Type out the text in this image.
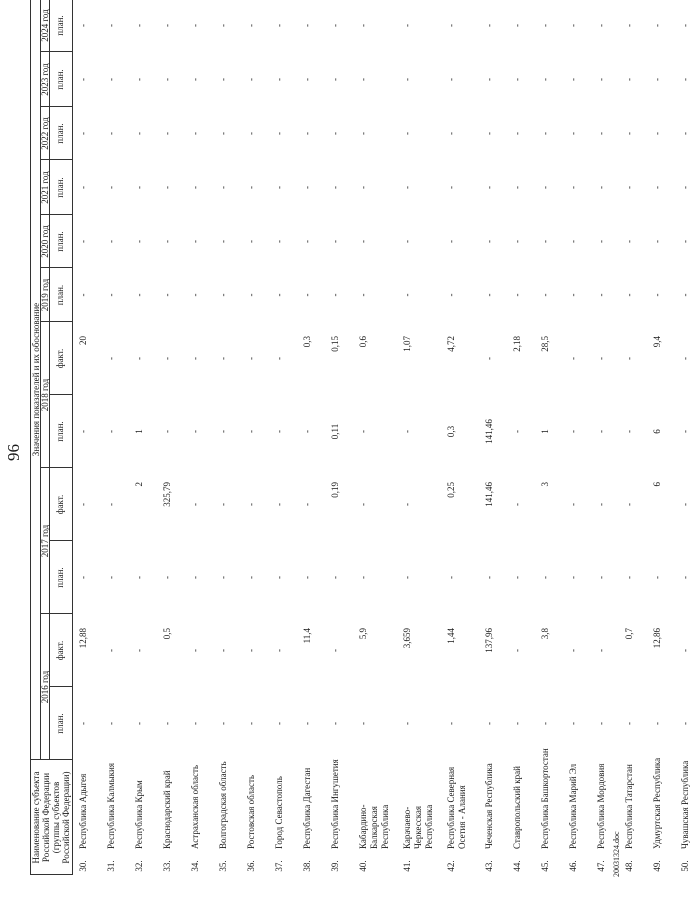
96
Наименование субъекта Российской Федерации (группы субъектов Российской Федерации)
Значения показателей и их обоснование
2016 год
2017 год
2018 год
2019 год
2020 год
2021 год
2022 год
2023 год
2024 год
план.
факт.
план.
факт.
план.
факт.
план.
план.
план.
план.
план.
план.
30.
Республика Адыгея
-
12,88
-
-
-
20
-
-
-
-
-
-
31.
Республика Калмыкия
-
-
-
-
-
-
-
-
-
-
-
-
32.
Республика Крым
-
-
-
2
1
-
-
-
-
-
-
-
33.
Краснодарский край
-
0,5
-
325,79
-
-
-
-
-
-
-
-
34.
Астраханская область
-
-
-
-
-
-
-
-
-
-
-
-
35.
Волгоградская область
-
-
-
-
-
-
-
-
-
-
-
-
36.
Ростовская область
-
-
-
-
-
-
-
-
-
-
-
-
37.
Город Севастополь
-
-
-
-
-
-
-
-
-
-
-
-
38.
Республика Дагестан
-
11,4
-
-
-
0,3
-
-
-
-
-
-
39.
Республика Ингушетия
-
-
-
0,19
0,11
0,15
-
-
-
-
-
-
40.
Кабардино-Балкарская Республика
-
5,9
-
-
-
0,6
-
-
-
-
-
-
41.
Карачаево-Черкесская Республика
-
3,659
-
-
-
1,07
-
-
-
-
-
-
42.
Республика Северная Осетия - Алания
-
1,44
-
0,25
0,3
4,72
-
-
-
-
-
-
43.
Чеченская Республика
-
137,96
-
141,46
141,46
-
-
-
-
-
-
-
44.
Ставропольский край
-
-
-
-
-
2,18
-
-
-
-
-
-
45.
Республика Башкортостан
-
3,8
-
3
1
28,5
-
-
-
-
-
-
46.
Республика Марий Эл
-
-
-
-
-
-
-
-
-
-
-
-
47.
Республика Мордовия
-
-
-
-
-
-
-
-
-
-
-
-
48.
Республика Татарстан
-
0,7
-
-
-
-
-
-
-
-
-
-
49.
Удмуртская Республика
-
12,86
-
6
6
9,4
-
-
-
-
-
-
50.
Чувашская Республика
-
-
-
-
-
-
-
-
-
-
-
-
20031324.doc
